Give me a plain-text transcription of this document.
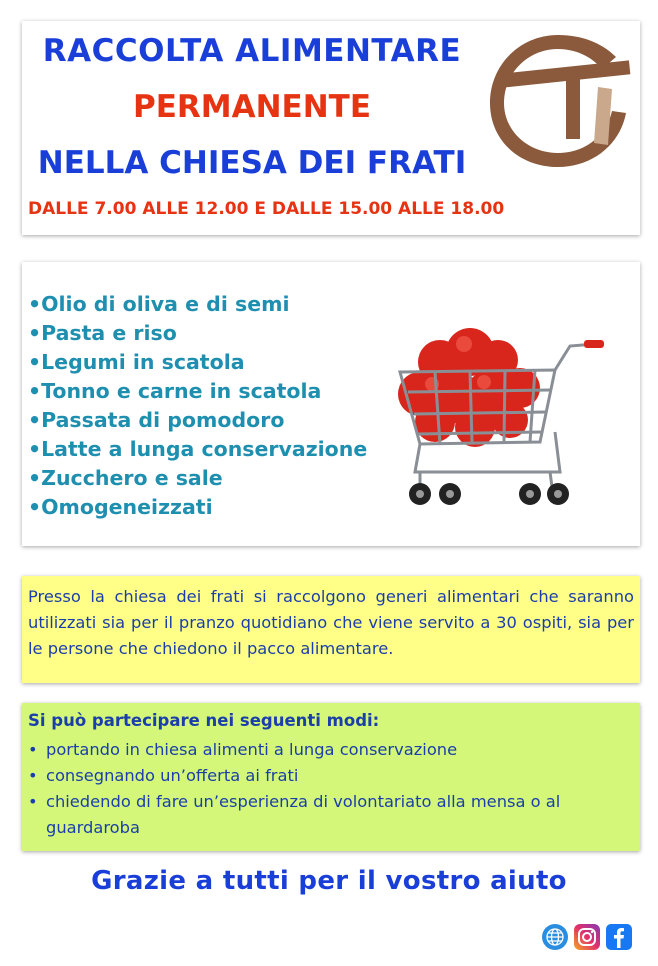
RACCOLTA ALIMENTARE
PERMANENTE
NELLA CHIESA DEI FRATI
DALLE 7.00 ALLE 12.00 E DALLE 15.00 ALLE 18.00
•Olio di oliva e di semi
•Pasta e riso
•Legumi in scatola
•Tonno e carne in scatola
•Passata di pomodoro
•Latte a lunga conservazione
•Zucchero e sale
•Omogeneizzati
Presso la chiesa dei frati si raccolgono generi alimentari che saranno utilizzati sia per il pranzo quotidiano che viene servito a 30 ospiti, sia per le persone che chiedono il pacco alimentare.
Si può partecipare nei seguenti modi:
• portando in chiesa alimenti a lunga conservazione
• consegnando un’offerta ai frati
• chiedendo di fare un’esperienza di volontariato alla mensa o al guardaroba
Grazie a tutti per il vostro aiuto
